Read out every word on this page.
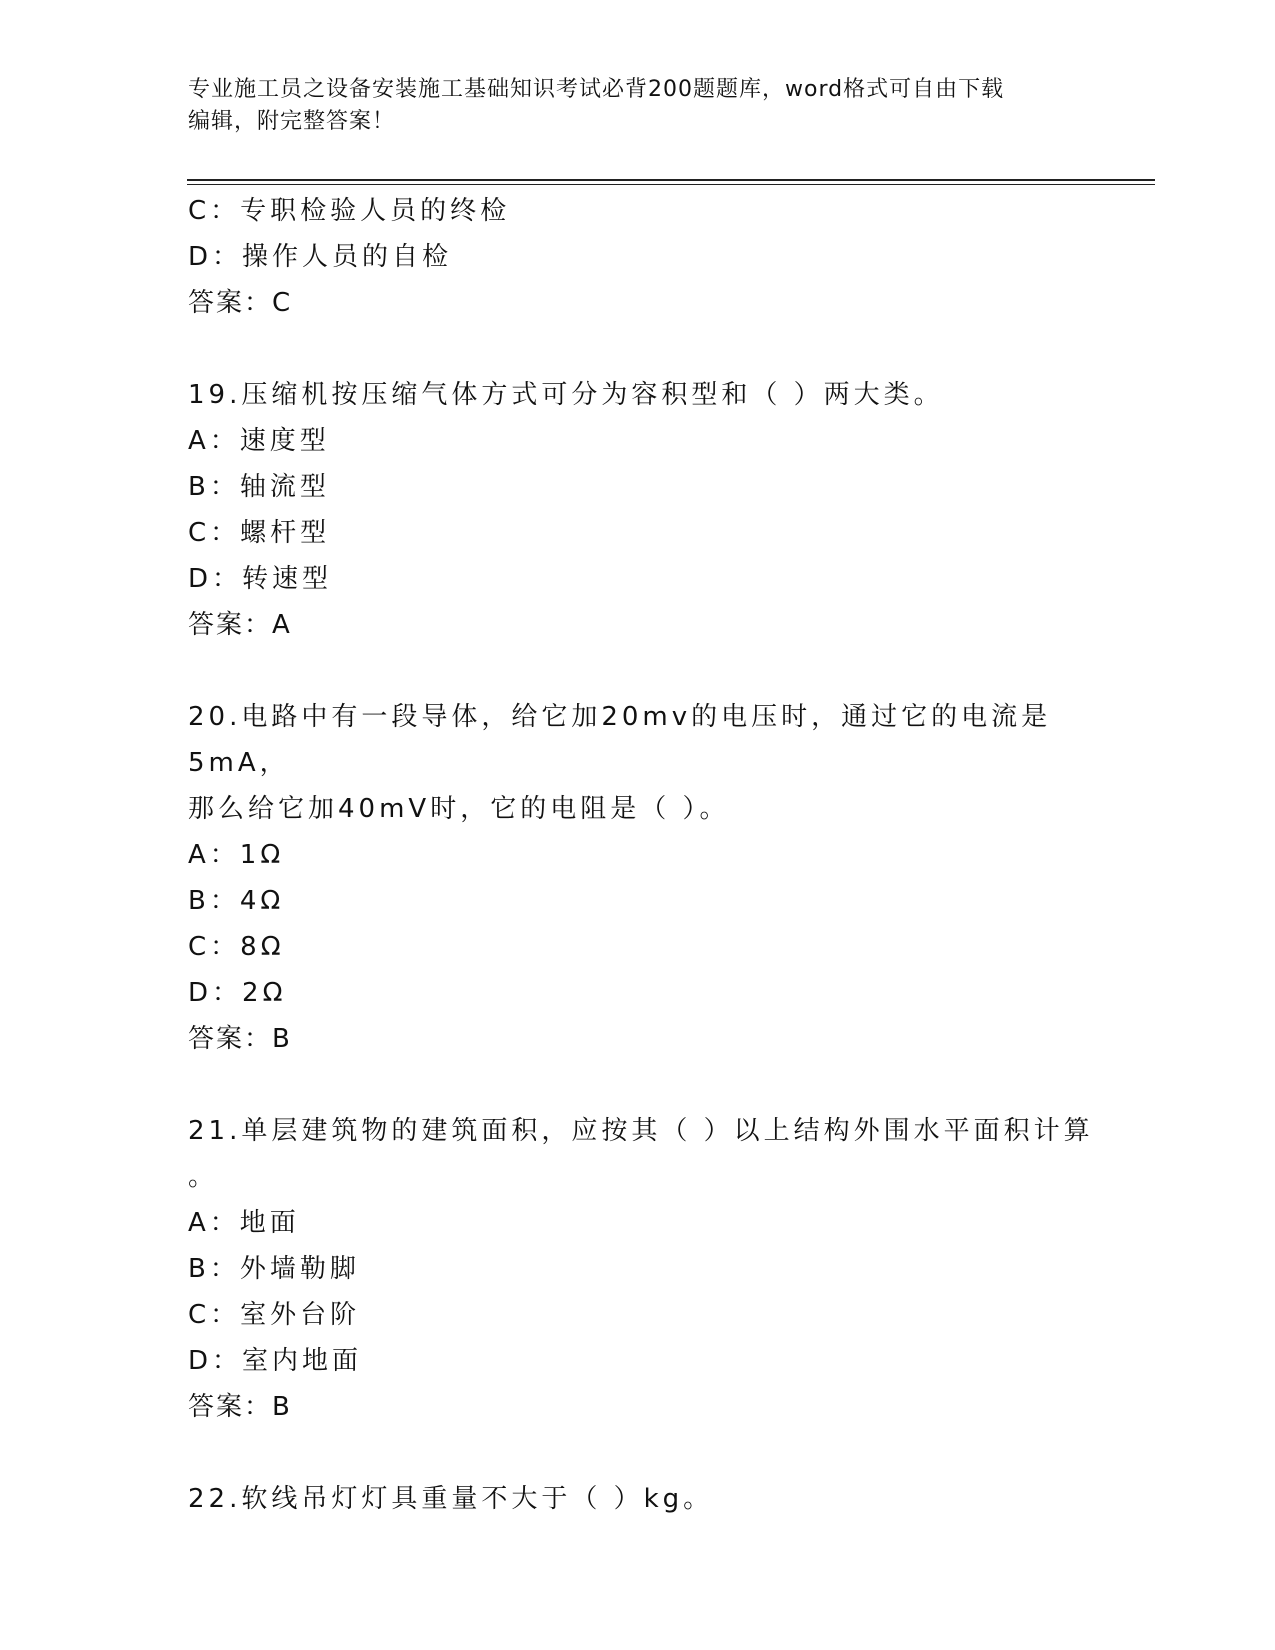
专业施工员之设备安装施工基础知识考试必背200题题库，word格式可自由下载
编辑，附完整答案！
C：专职检验人员的终检
D：操作人员的自检
答案：C
19.压缩机按压缩气体方式可分为容积型和（ ）两大类。
A：速度型
B：轴流型
C：螺杆型
D：转速型
答案：A
20.电路中有一段导体，给它加20mv的电压时，通过它的电流是5mA，
那么给它加40mV时，它的电阻是（ ）。
A：1Ω
B：4Ω
C：8Ω
D：2Ω
答案：B
21.单层建筑物的建筑面积，应按其（ ）以上结构外围水平面积计算
。
A：地面
B：外墙勒脚
C：室外台阶
D：室内地面
答案：B
22.软线吊灯灯具重量不大于（ ）kg。
